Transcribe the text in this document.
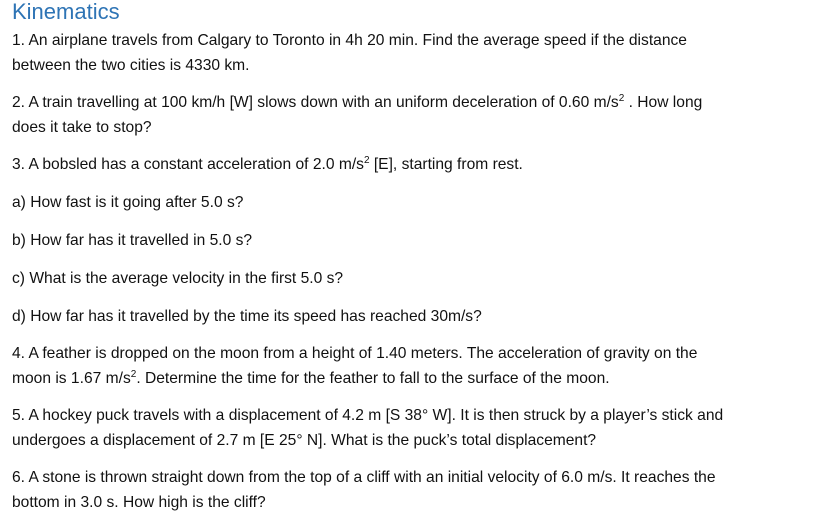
Kinematics
1. An airplane travels from Calgary to Toronto in 4h 20 min. Find the average speed if the distance
between the two cities is 4330 km.
2. A train travelling at 100 km/h [W] slows down with an uniform deceleration of 0.60 $m/s^2$ . How long
does it take to stop?
3. A bobsled has a constant acceleration of 2.0 $m/s^2$ [E], starting from rest.
a) How fast is it going after 5.0 s?
b) How far has it travelled in 5.0 s?
c) What is the average velocity in the first 5.0 s?
d) How far has it travelled by the time its speed has reached 30m/s?
4. A feather is dropped on the moon from a height of 1.40 meters. The acceleration of gravity on the
moon is 1.67 $m/s^2$. Determine the time for the feather to fall to the surface of the moon.
5. A hockey puck travels with a displacement of 4.2 m [S 38° W]. It is then struck by a player’s stick and
undergoes a displacement of 2.7 m [E 25° N]. What is the puck’s total displacement?
6. A stone is thrown straight down from the top of a cliff with an initial velocity of 6.0 m/s. It reaches the
bottom in 3.0 s. How high is the cliff?
